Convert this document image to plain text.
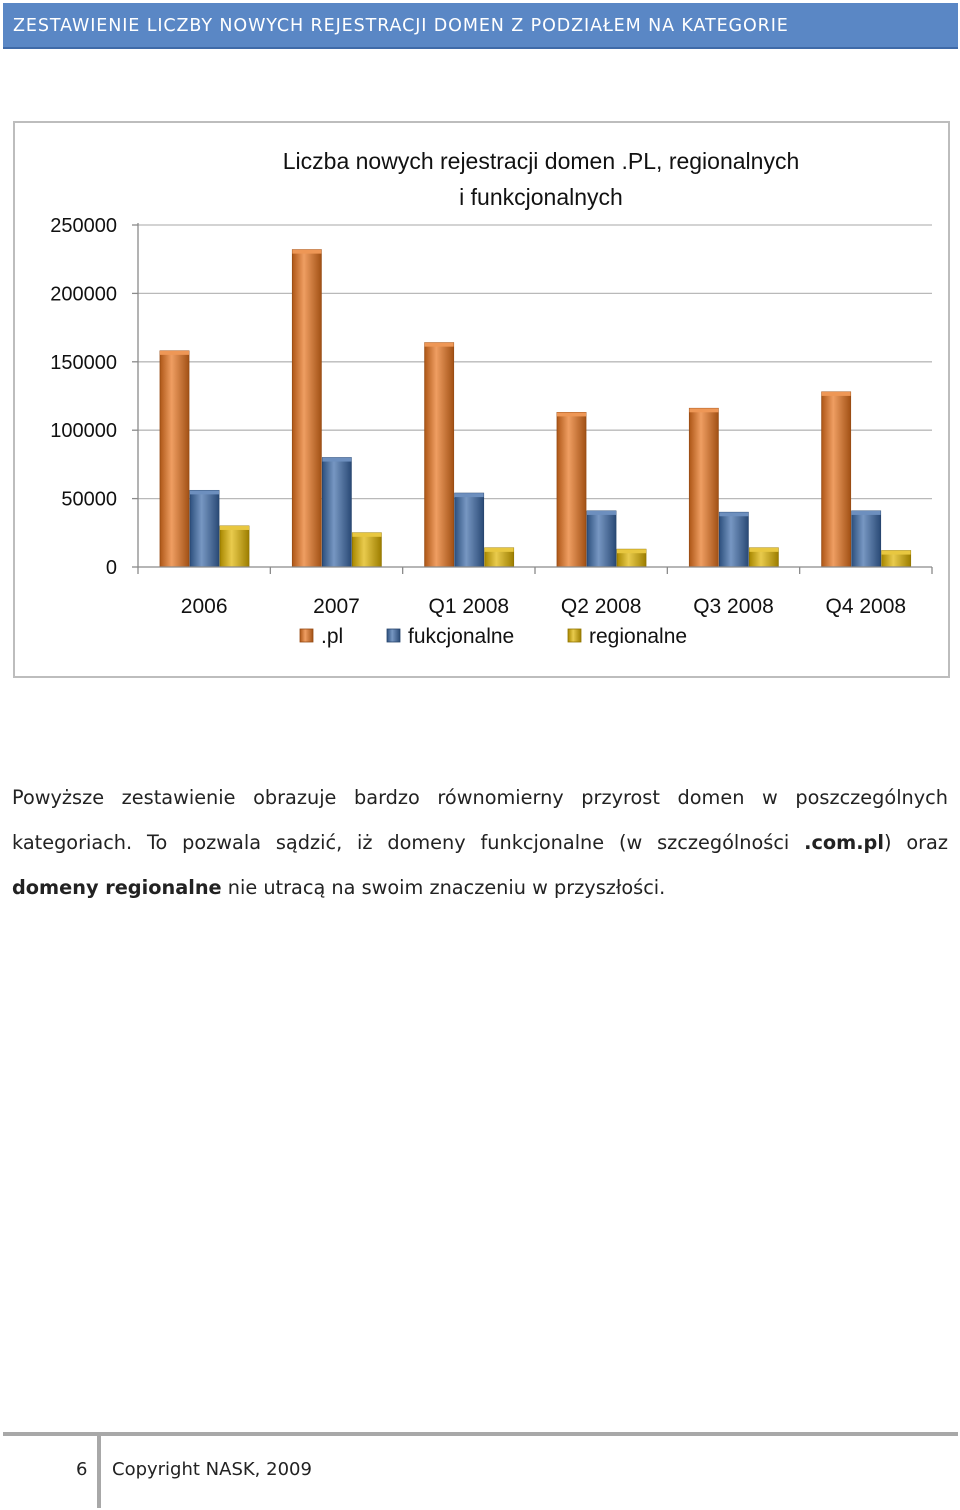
ZESTAWIENIE LICZBY NOWYCH REJESTRACJI DOMEN Z PODZIAŁEM NA KATEGORIE
0
50000
100000
150000
200000
250000
2006	2007	Q1 2008 Q2 2008 Q3 2008 Q4 2008
.pl	fukcjonalne	regionalne
Liczba nowych rejestracji domen .PL, regionalnych
i funkcjonalnych
Powyższe zestawienie obrazuje bardzo równomierny przyrost domen w poszczególnych kategoriach. To pozwala sądzić, iż domeny funkcjonalne (w szczególności .com.pl) oraz domeny regionalne nie utracą na swoim znaczeniu w przyszłości.
6 Copyright NASK, 2009
